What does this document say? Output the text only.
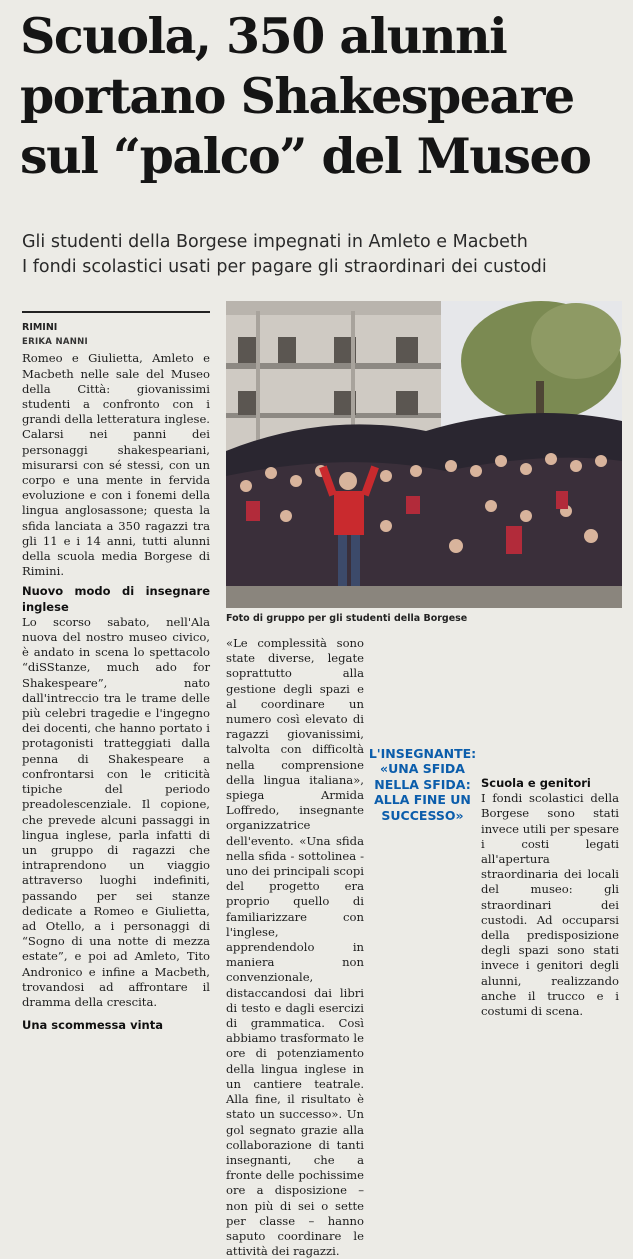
Scuola, 350 alunni portano Shakespeare sul “palco” del Museo
Gli studenti della Borgese impegnati in Amleto e Macbeth
I fondi scolastici usati per pagare gli straordinari dei custodi
RIMINI
ERIKA NANNI

Romeo e Giulietta, Amleto e Macbeth nelle sale del Museo della Città: giovanissimi studenti a confronto con i grandi della letteratura inglese. Calarsi nei panni dei personaggi shakespeariani, misurarsi con sé stessi, con un corpo e una mente in fervida evoluzione e con i fonemi della lingua anglosassone; questa la sfida lanciata a 350 ragazzi tra gli 11 e i 14 anni, tutti alunni della scuola media Borgese di Rimini.

Nuovo modo di insegnare inglese

Lo scorso sabato, nell'Ala nuova del nostro museo civico, è andato in scena lo spettacolo “diSStanze, much ado for Shakespeare”, nato dall'intreccio tra le trame delle più celebri tragedie e l'ingegno dei docenti, che hanno portato i protagonisti tratteggiati dalla penna di Shakespeare a confrontarsi con le criticità tipiche del periodo preadolescenziale. Il copione, che prevede alcuni passaggi in lingua inglese, parla infatti di un gruppo di ragazzi che intraprendono un viaggio attraverso luoghi indefiniti, passando per sei stanze dedicate a Romeo e Giulietta, ad Otello, a i personaggi di “Sogno di una notte di mezza estate”, e poi ad Amleto, Tito Andronico e infine a Macbeth, trovandosi ad affrontare il dramma della crescita.

Una scommessa vinta
Foto di gruppo per gli studenti della Borgese

«Le complessità sono state diverse, legate soprattutto alla gestione degli spazi e al coordinare un numero così elevato di ragazzi giovanissimi, talvolta con difficoltà nella comprensione della lingua italiana», spiega Armida Loffredo, insegnante organizzatrice dell'evento. «Una sfida nella sfida - sottolinea - uno dei principali scopi del progetto era proprio quello di familiarizzare con l'inglese, apprendendolo in maniera non convenzionale, distaccandosi dai libri di testo e dagli esercizi di grammatica. Così abbiamo trasformato le ore di potenziamento della lingua inglese in un cantiere teatrale. Alla fine, il risultato è stato un successo». Un gol segnato grazie alla collaborazione di tanti insegnanti, che a fronte delle pochissime ore a disposizione – non più di sei o sette per classe – hanno saputo coordinare le attività dei ragazzi.

L'INSEGNANTE:
«UNA SFIDA NELLA SFIDA: ALLA FINE UN SUCCESSO»
Scuola e genitori

I fondi scolastici della Borgese sono stati invece utili per spesare i costi legati all'apertura straordinaria dei locali del museo: gli straordinari dei custodi. Ad occuparsi della predisposizione degli spazi sono stati invece i genitori degli alunni, realizzando anche il trucco e i costumi di scena.
